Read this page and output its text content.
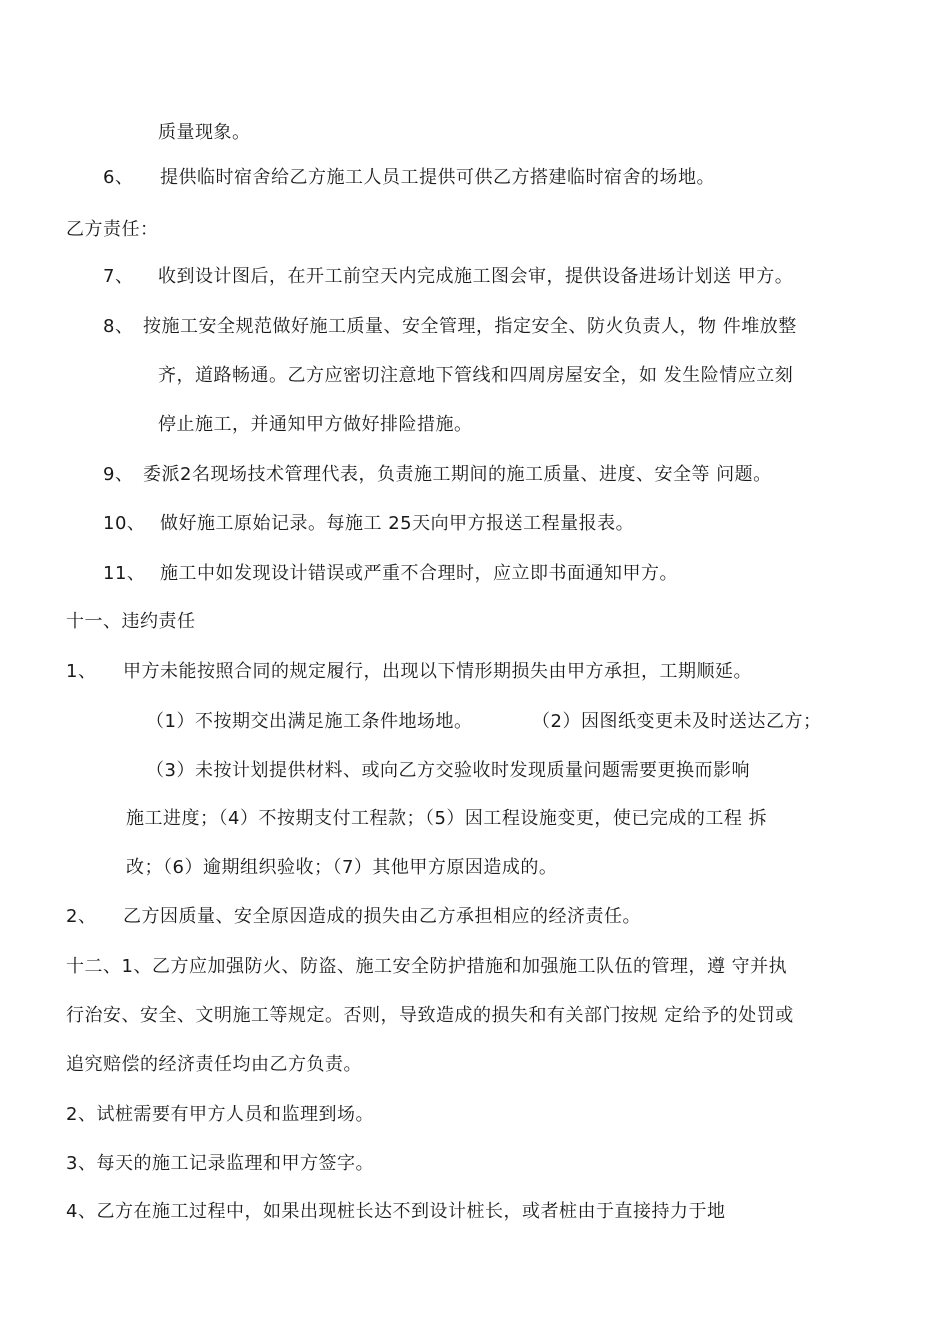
质量现象。
6、 提供临时宿舍给乙方施工人员工提供可供乙方搭建临时宿舍的场地。
乙方责任：
7、 收到设计图后，在开工前空天内完成施工图会审，提供设备进场计划送 甲方。
8、 按施工安全规范做好施工质量、安全管理，指定安全、防火负责人，物 件堆放整
齐，道路畅通。乙方应密切注意地下管线和四周房屋安全，如 发生险情应立刻
停止施工，并通知甲方做好排险措施。
9、 委派2名现场技术管理代表，负责施工期间的施工质量、进度、安全等 问题。
10、 做好施工原始记录。每施工 25天向甲方报送工程量报表。
11、 施工中如发现设计错误或严重不合理时，应立即书面通知甲方。
十一、违约责任
1、 甲方未能按照合同的规定履行，出现以下情形期损失由甲方承担，工期顺延。
（1）不按期交出满足施工条件地场地。	（2）因图纸变更未及时送达乙方；
（3）未按计划提供材料、或向乙方交验收时发现质量问题需要更换而影响
施工进度；（4）不按期支付工程款；（5）因工程设施变更，使已完成的工程 拆
改；（6）逾期组织验收；（7）其他甲方原因造成的。
2、 乙方因质量、安全原因造成的损失由乙方承担相应的经济责任。
十二、1、乙方应加强防火、防盗、施工安全防护措施和加强施工队伍的管理，遵 守并执
行治安、安全、文明施工等规定。否则，导致造成的损失和有关部门按规 定给予的处罚或
追究赔偿的经济责任均由乙方负责。
2、试桩需要有甲方人员和监理到场。
3、每天的施工记录监理和甲方签字。
4、乙方在施工过程中，如果出现桩长达不到设计桩长，或者桩由于直接持力于地
